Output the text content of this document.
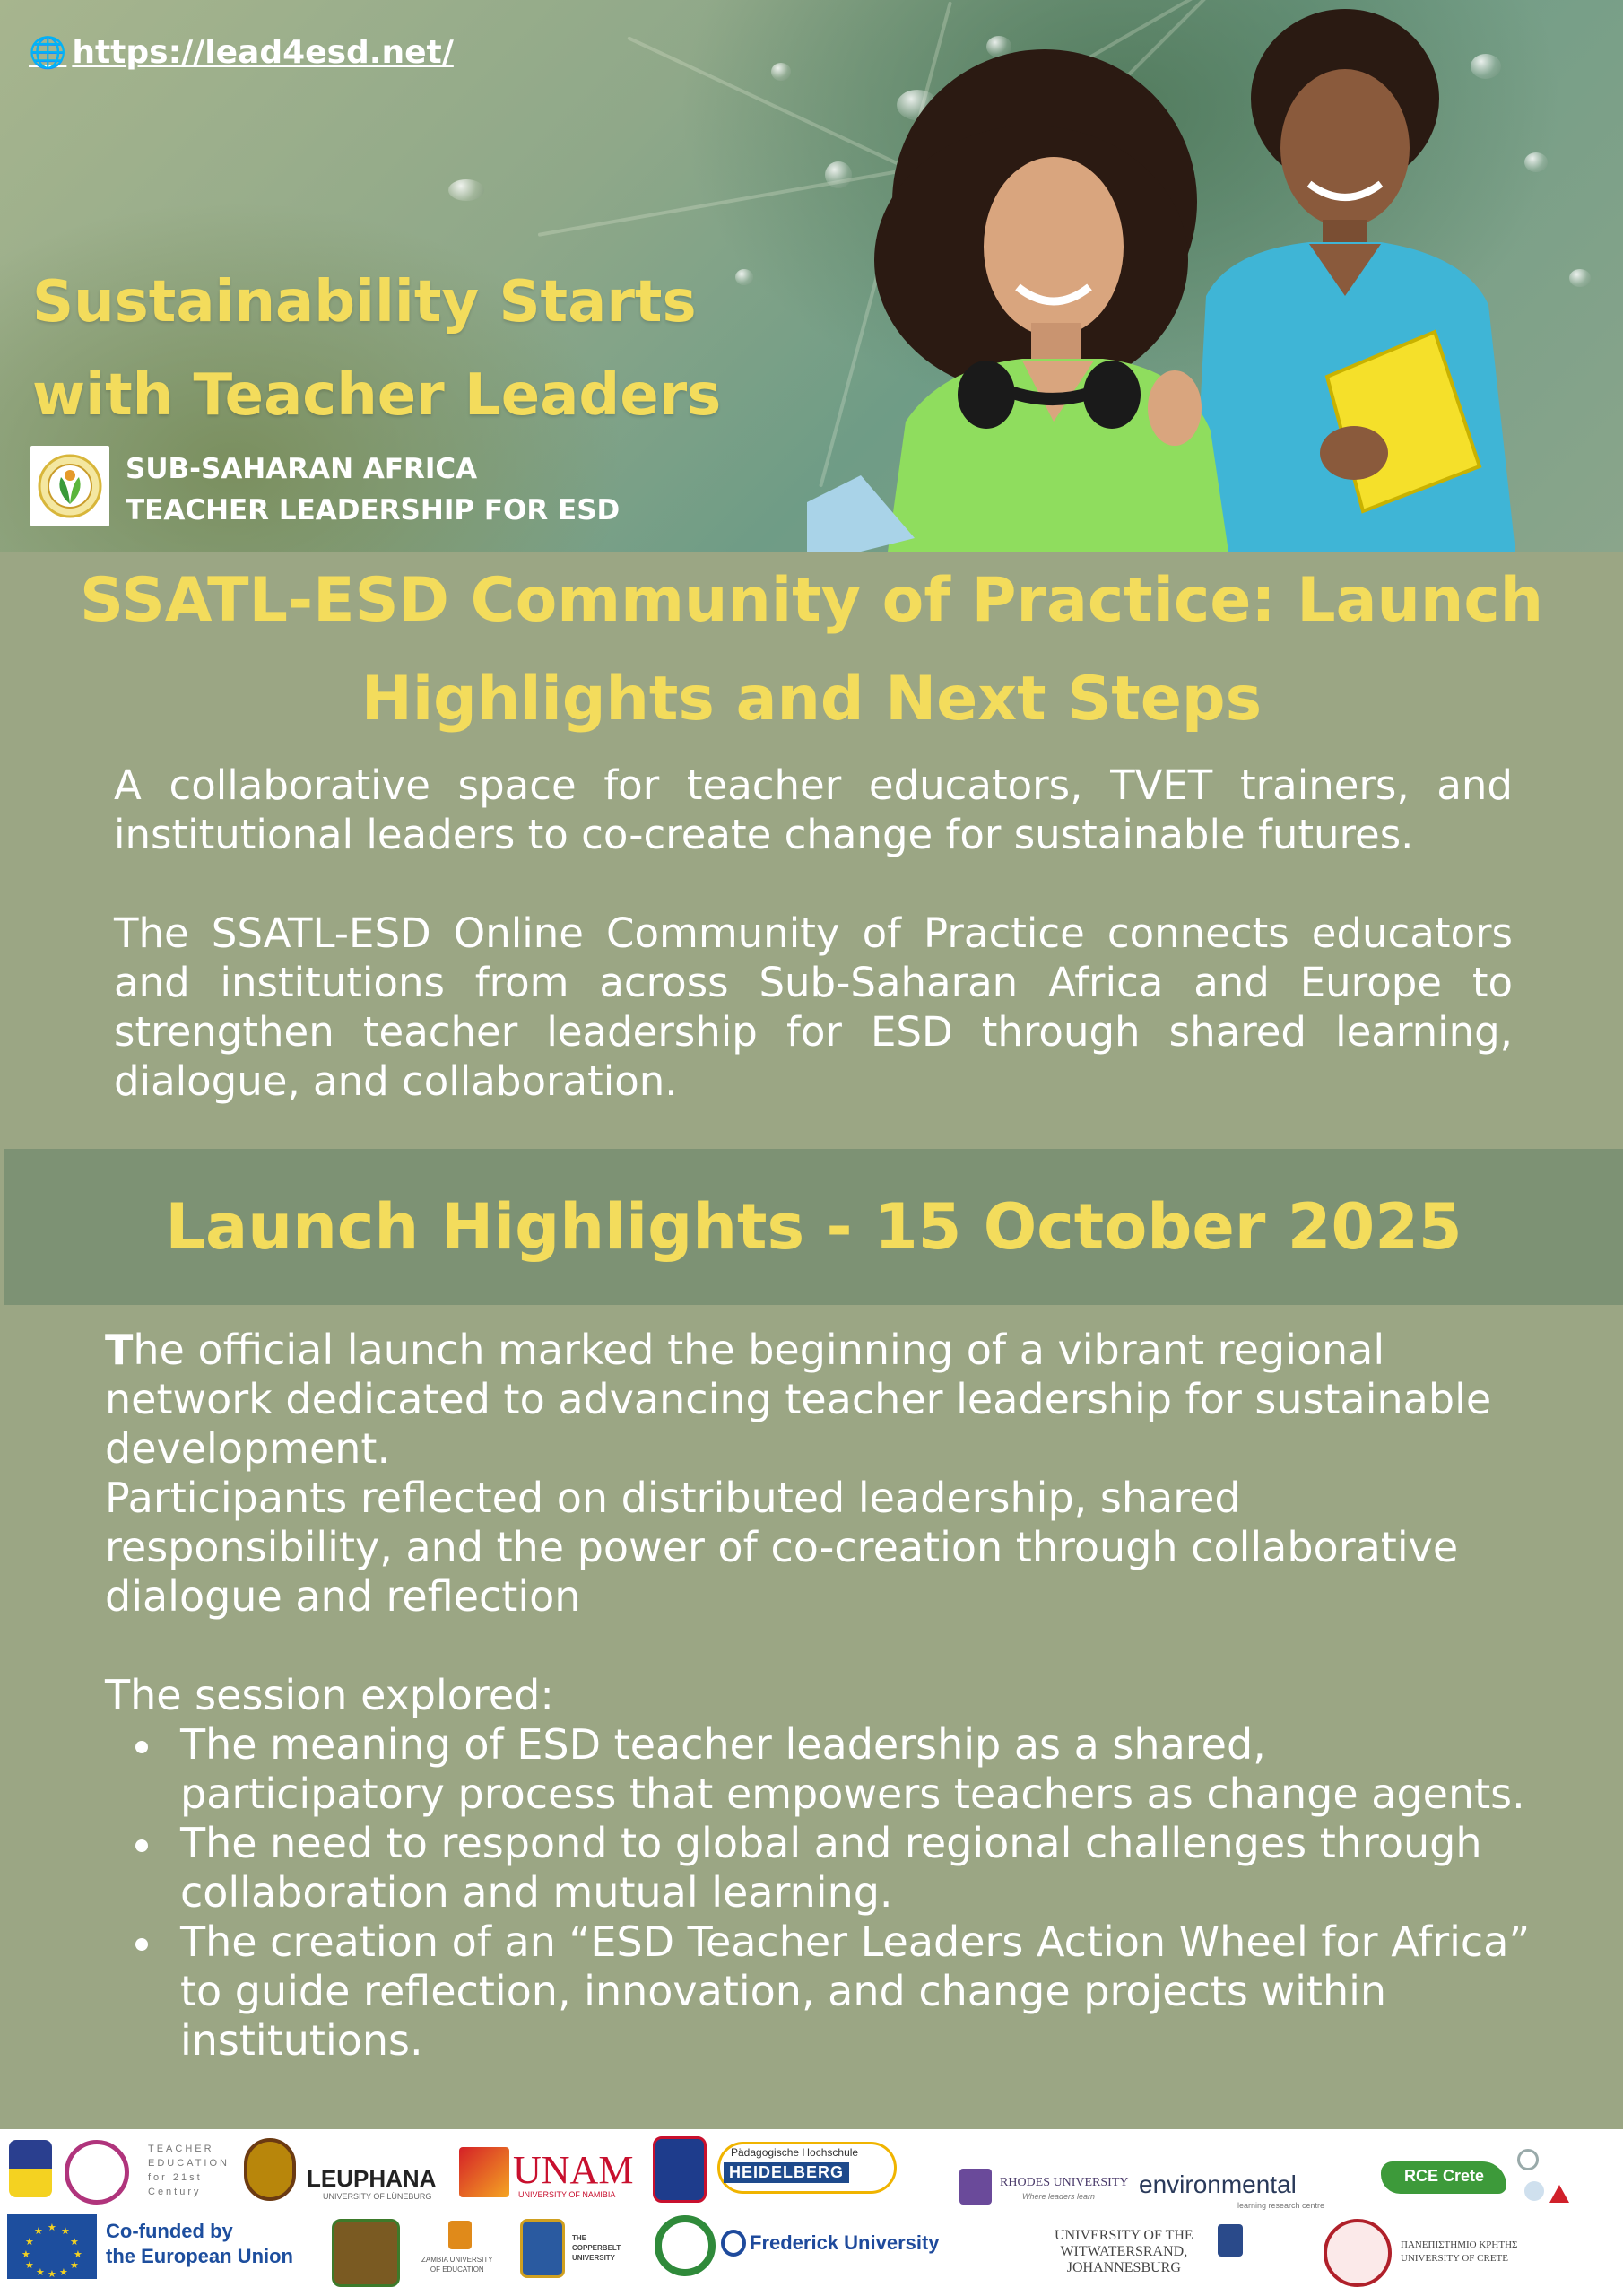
🌐 https://lead4esd.net/
Sustainability Starts
with Teacher Leaders
SUB-SAHARAN AFRICA
TEACHER LEADERSHIP FOR ESD
SSATL-ESD Community of Practice: Launch
Highlights and Next Steps

A collaborative space for teacher educators, TVET trainers, and institutional leaders to co-create change for sustainable futures.

The SSATL-ESD Online Community of Practice connects educators and institutions from across Sub-Saharan Africa and Europe to strengthen teacher leadership for ESD through shared learning, dialogue, and collaboration.

Launch Highlights - 15 October 2025

The official launch marked the beginning of a vibrant regional network dedicated to advancing teacher leadership for sustainable development.

Participants reflected on distributed leadership, shared responsibility, and the power of co-creation through collaborative dialogue and reflection

The session explored:

The meaning of ESD teacher leadership as a shared, participatory process that empowers teachers as change agents.
The need to respond to global and regional challenges through collaboration and mutual learning.
The creation of an “ESD Teacher Leaders Action Wheel for Africa” to guide reflection, innovation, and change projects within institutions.
TEACHER
EDUCATION
for 21st
Century	LEUPHANA
UNIVERSITY OF LÜNEBURG
UNAM
UNIVERSITY OF NAMIBIA
Pädagogische Hochschule
HEIDELBERG
RHODES UNIVERSITY
Where leaders learn environmental
learning research centre
RCE Crete
★ ★
★
★
★
★
★
★
★
★
★
★	Co-funded by
the European Union	ZAMBIA UNIVERSITY
OF EDUCATION
THE
COPPERBELT
UNIVERSITY
Frederick University	UNIVERSITY OF THE
WITWATERSRAND,
JOHANNESBURG
ΠΑΝΕΠΙΣΤΗΜΙΟ ΚΡΗΤΗΣ
UNIVERSITY OF CRETE
